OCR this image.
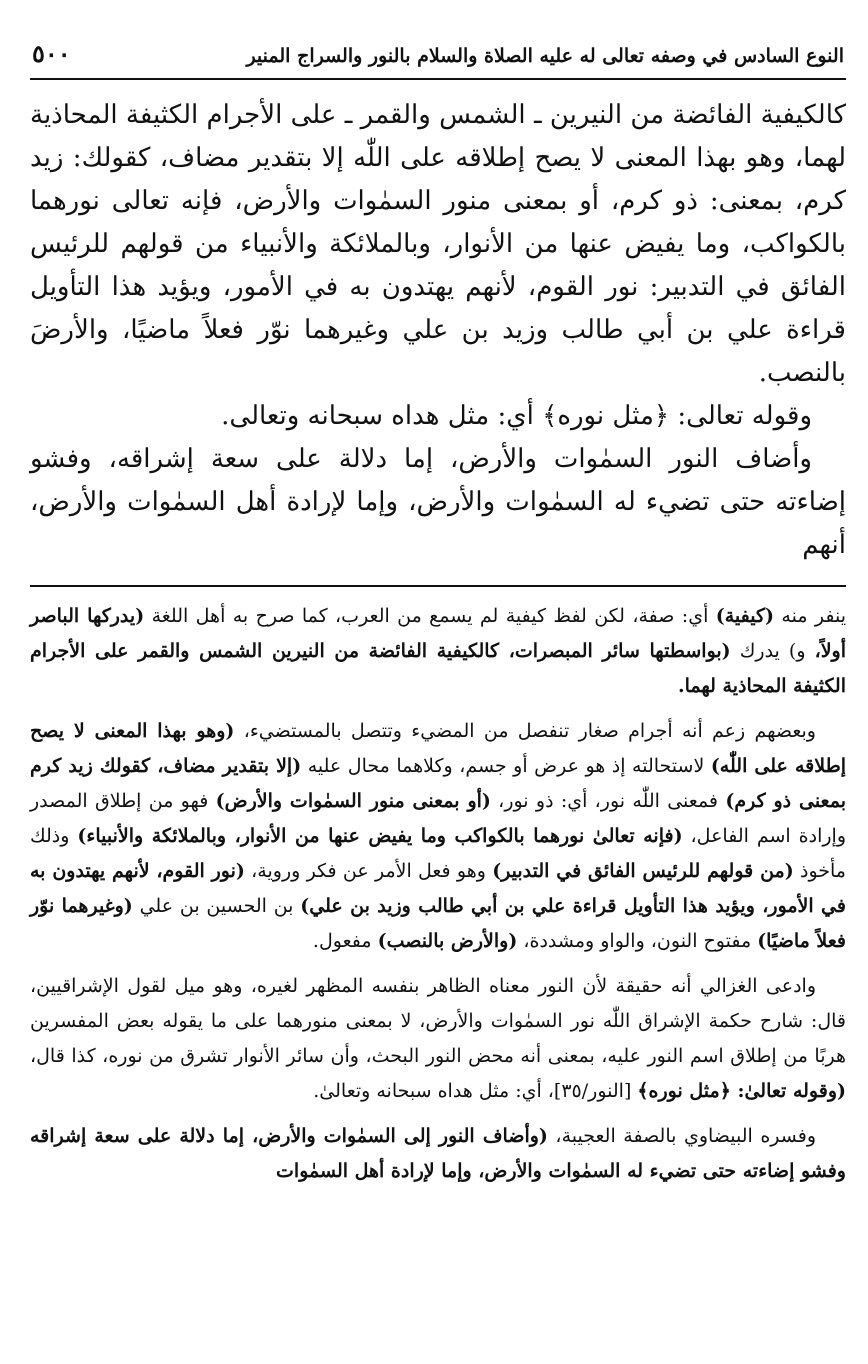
النوع السادس في وصفه تعالى له عليه الصلاة والسلام بالنور والسراج المنير
٥٠٠

كالكيفية الفائضة من النيرين ـ الشمس والقمر ـ على الأجرام الكثيفة المحاذية لهما، وهو بهذا المعنى لا يصح إطلاقه على اللّٰه إلا بتقدير مضاف، كقولك: زيد كرم، بمعنى: ذو كرم، أو بمعنى منور السمٰوات والأرض، فإنه تعالى نورهما بالكواكب، وما يفيض عنها من الأنوار، وبالملائكة والأنبياء من قولهم للرئيس الفائق في التدبير: نور القوم، لأنهم يهتدون به في الأمور، ويؤيد هذا التأويل قراءة علي بن أبي طالب وزيد بن علي وغيرهما نوّر فعلاً ماضيًا، والأرضَ بالنصب.

وقوله تعالى: ﴿مثل نوره﴾ أي: مثل هداه سبحانه وتعالى.

وأضاف النور السمٰوات والأرض، إما دلالة على سعة إشراقه، وفشو إضاءته حتى تضيء له السمٰوات والأرض، وإما لإرادة أهل السمٰوات والأرض، أنهم

ينفر منه (كيفية) أي: صفة، لكن لفظ كيفية لم يسمع من العرب، كما صرح به أهل اللغة (يدركها الباصر أولاً، و) يدرك (بواسطتها سائر المبصرات، كالكيفية الفائضة من النيرين الشمس والقمر على الأجرام الكثيفة المحاذية لهما.

وبعضهم زعم أنه أجرام صغار تنفصل من المضيء وتتصل بالمستضيء، (وهو بهذا المعنى لا يصح إطلاقه على اللّٰه) لاستحالته إذ هو عرض أو جسم، وكلاهما محال عليه (إلا بتقدير مضاف، كقولك زيد كرم بمعنى ذو كرم) فمعنى اللّٰه نور، أي: ذو نور، (أو بمعنى منور السمٰوات والأرض) فهو من إطلاق المصدر وإرادة اسم الفاعل، (فإنه تعالىٰ نورهما بالكواكب وما يفيض عنها من الأنوار، وبالملائكة والأنبياء) وذلك مأخوذ (من قولهم للرئيس الفائق في التدبير) وهو فعل الأمر عن فكر وروية، (نور القوم، لأنهم يهتدون به في الأمور، ويؤيد هذا التأويل قراءة علي بن أبي طالب وزيد بن علي) بن الحسين بن علي (وغيرهما نوّر فعلاً ماضيًا) مفتوح النون، والواو ومشددة، (والأرض بالنصب) مفعول.

وادعى الغزالي أنه حقيقة لأن النور معناه الظاهر بنفسه المظهر لغيره، وهو ميل لقول الإشراقيين، قال: شارح حكمة الإشراق اللّٰه نور السمٰوات والأرض، لا بمعنى منورهما على ما يقوله بعض المفسرين هربًا من إطلاق اسم النور عليه، بمعنى أنه محض النور البحث، وأن سائر الأنوار تشرق من نوره، كذا قال، (وقوله تعالىٰ: ﴿مثل نوره﴾ [النور/٣٥]، أي: مثل هداه سبحانه وتعالىٰ.

وفسره البيضاوي بالصفة العجيبة، (وأضاف النور إلى السمٰوات والأرض، إما دلالة على سعة إشراقه وفشو إضاءته حتى تضيء له السمٰوات والأرض، وإما لإرادة أهل السمٰوات
